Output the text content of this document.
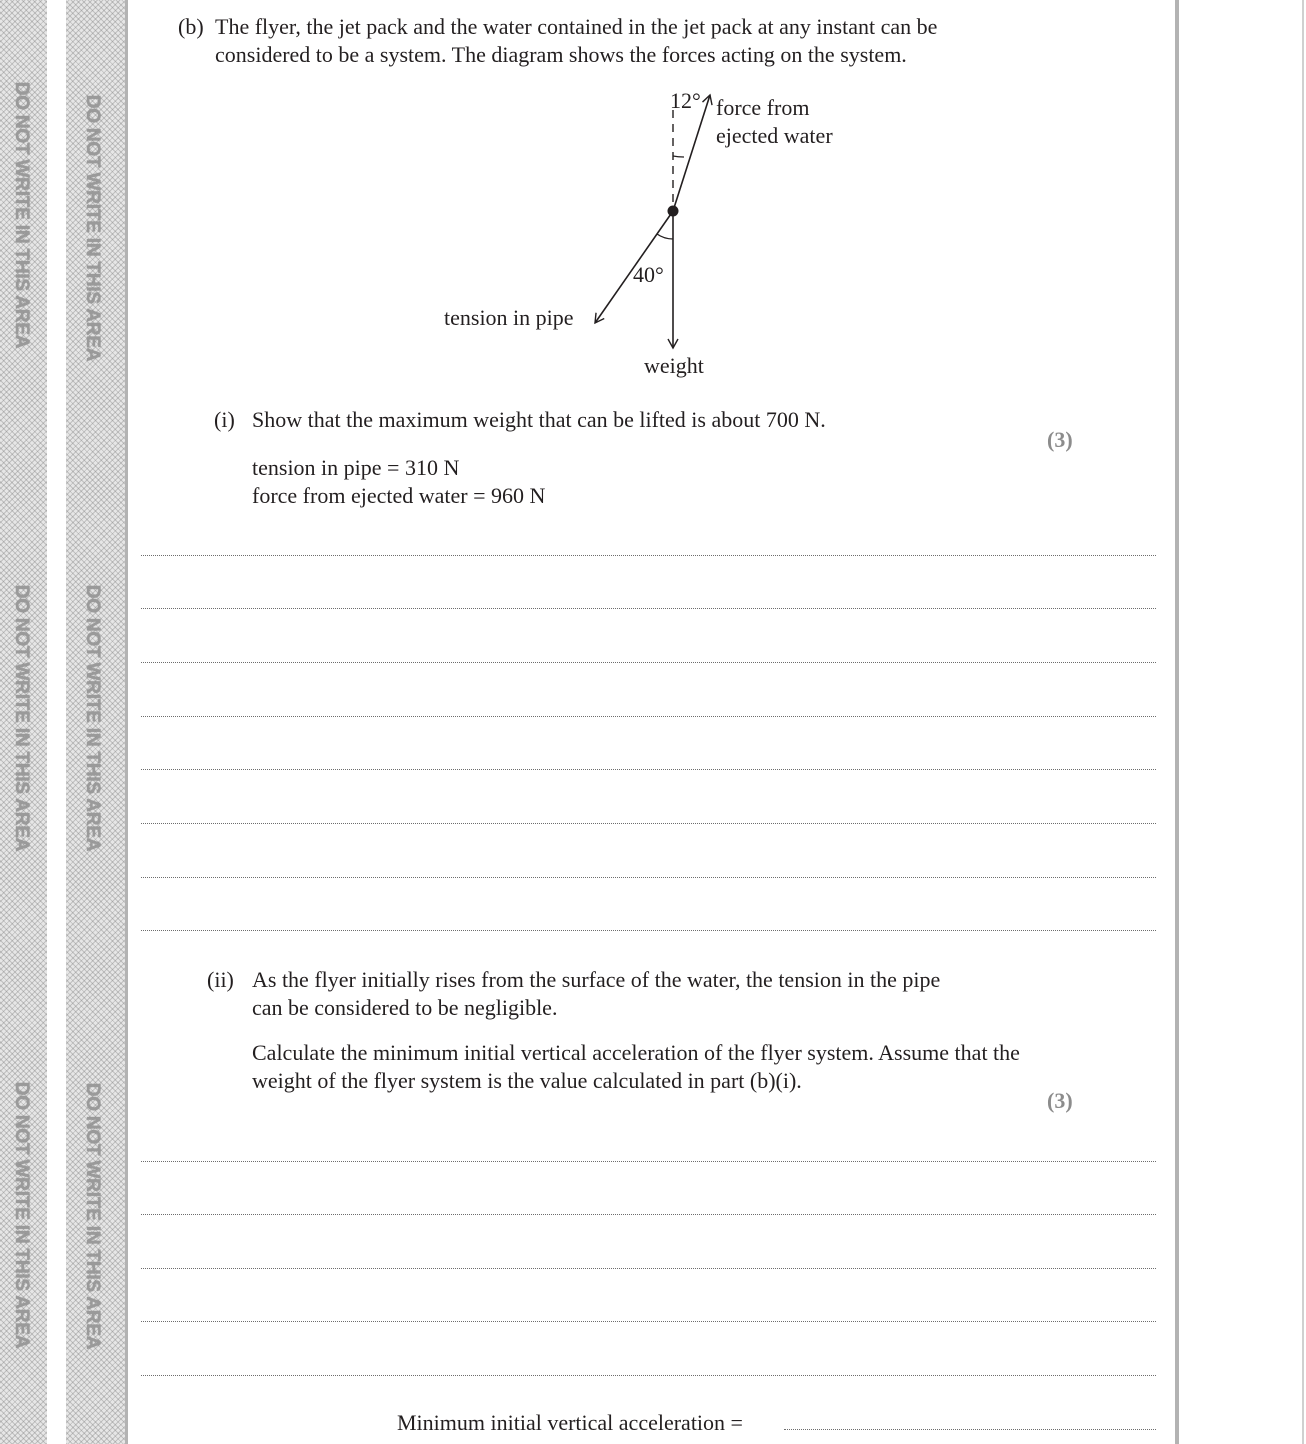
DO NOT WRITE IN THIS AREA
DO NOT WRITE IN THIS AREA
DO NOT WRITE IN THIS AREA
DO NOT WRITE IN THIS AREA
DO NOT WRITE IN THIS AREA
DO NOT WRITE IN THIS AREA
(b) The flyer, the jet pack and the water contained in the jet pack at any instant can be
considered to be a system. The diagram shows the forces acting on the system.
12° force from
ejected water
40°
tension in pipe
weight
(i) Show that the maximum weight that can be lifted is about 700 N.
(3)
tension in pipe = 310 N
force from ejected water = 960 N
(ii) As the flyer initially rises from the surface of the water, the tension in the pipe
can be considered to be negligible.
Calculate the minimum initial vertical acceleration of the flyer system. Assume that the
weight of the flyer system is the value calculated in part (b)(i).
(3)
Minimum initial vertical acceleration =
